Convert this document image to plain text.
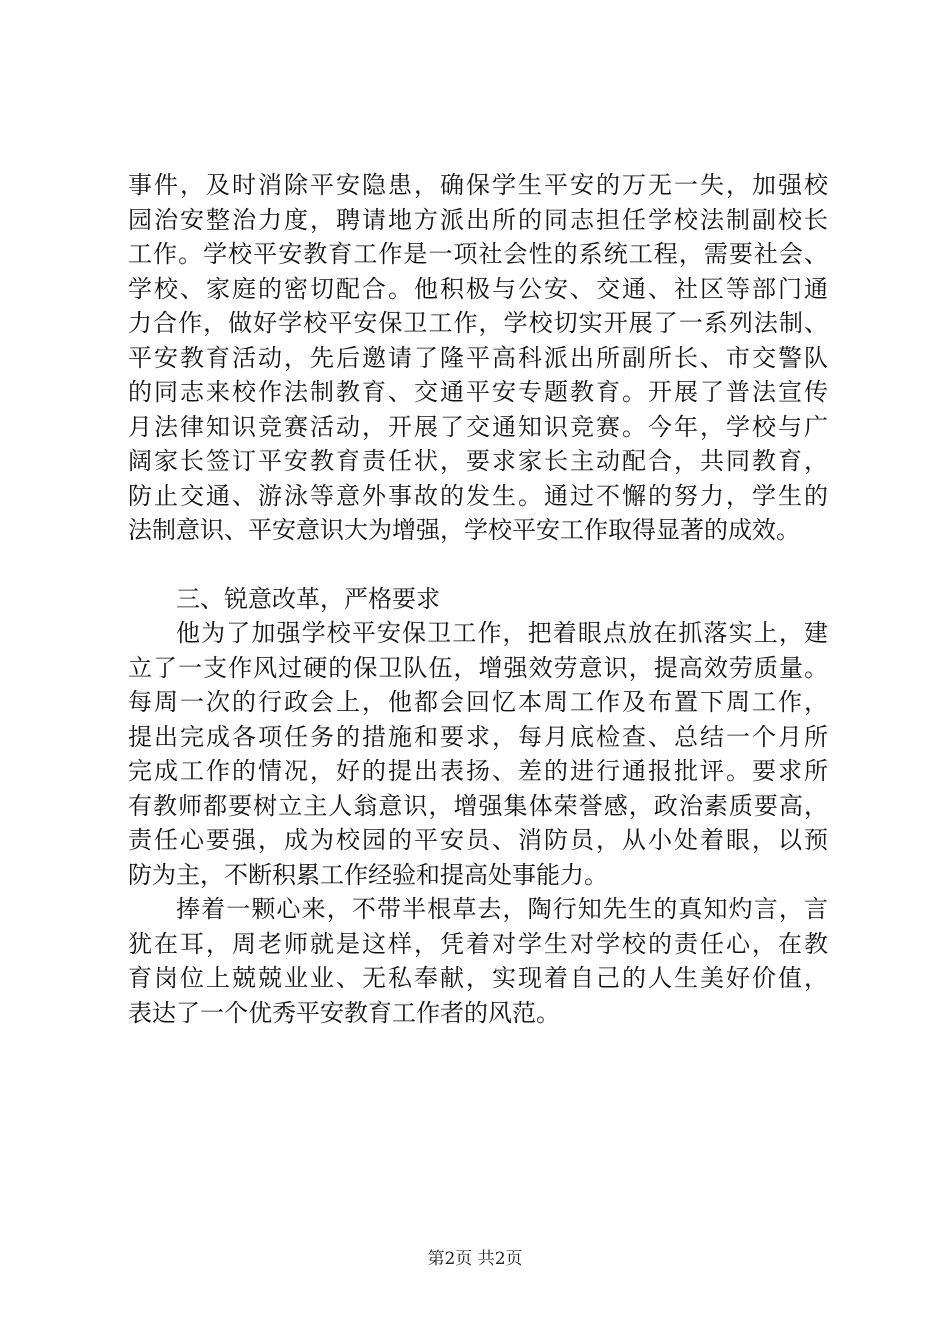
事件，及时消除平安隐患，确保学生平安的万无一失，加强校
园治安整治力度，聘请地方派出所的同志担任学校法制副校长
工作。学校平安教育工作是一项社会性的系统工程，需要社会、
学校、家庭的密切配合。他积极与公安、交通、社区等部门通
力合作，做好学校平安保卫工作，学校切实开展了一系列法制、
平安教育活动，先后邀请了隆平高科派出所副所长、市交警队
的同志来校作法制教育、交通平安专题教育。开展了普法宣传
月法律知识竞赛活动，开展了交通知识竞赛。今年，学校与广
阔家长签订平安教育责任状，要求家长主动配合，共同教育，
防止交通、游泳等意外事故的发生。通过不懈的努力，学生的
法制意识、平安意识大为增强，学校平安工作取得显著的成效。
三、锐意改革，严格要求
他为了加强学校平安保卫工作，把着眼点放在抓落实上，建
立了一支作风过硬的保卫队伍，增强效劳意识，提高效劳质量。
每周一次的行政会上，他都会回忆本周工作及布置下周工作，
提出完成各项任务的措施和要求，每月底检查、总结一个月所
完成工作的情况，好的提出表扬、差的进行通报批评。要求所
有教师都要树立主人翁意识，增强集体荣誉感，政治素质要高，
责任心要强，成为校园的平安员、消防员，从小处着眼，以预
防为主，不断积累工作经验和提高处事能力。
捧着一颗心来，不带半根草去，陶行知先生的真知灼言，言
犹在耳，周老师就是这样，凭着对学生对学校的责任心，在教
育岗位上兢兢业业、无私奉献，实现着自己的人生美好价值，
表达了一个优秀平安教育工作者的风范。
第2页 共2页
